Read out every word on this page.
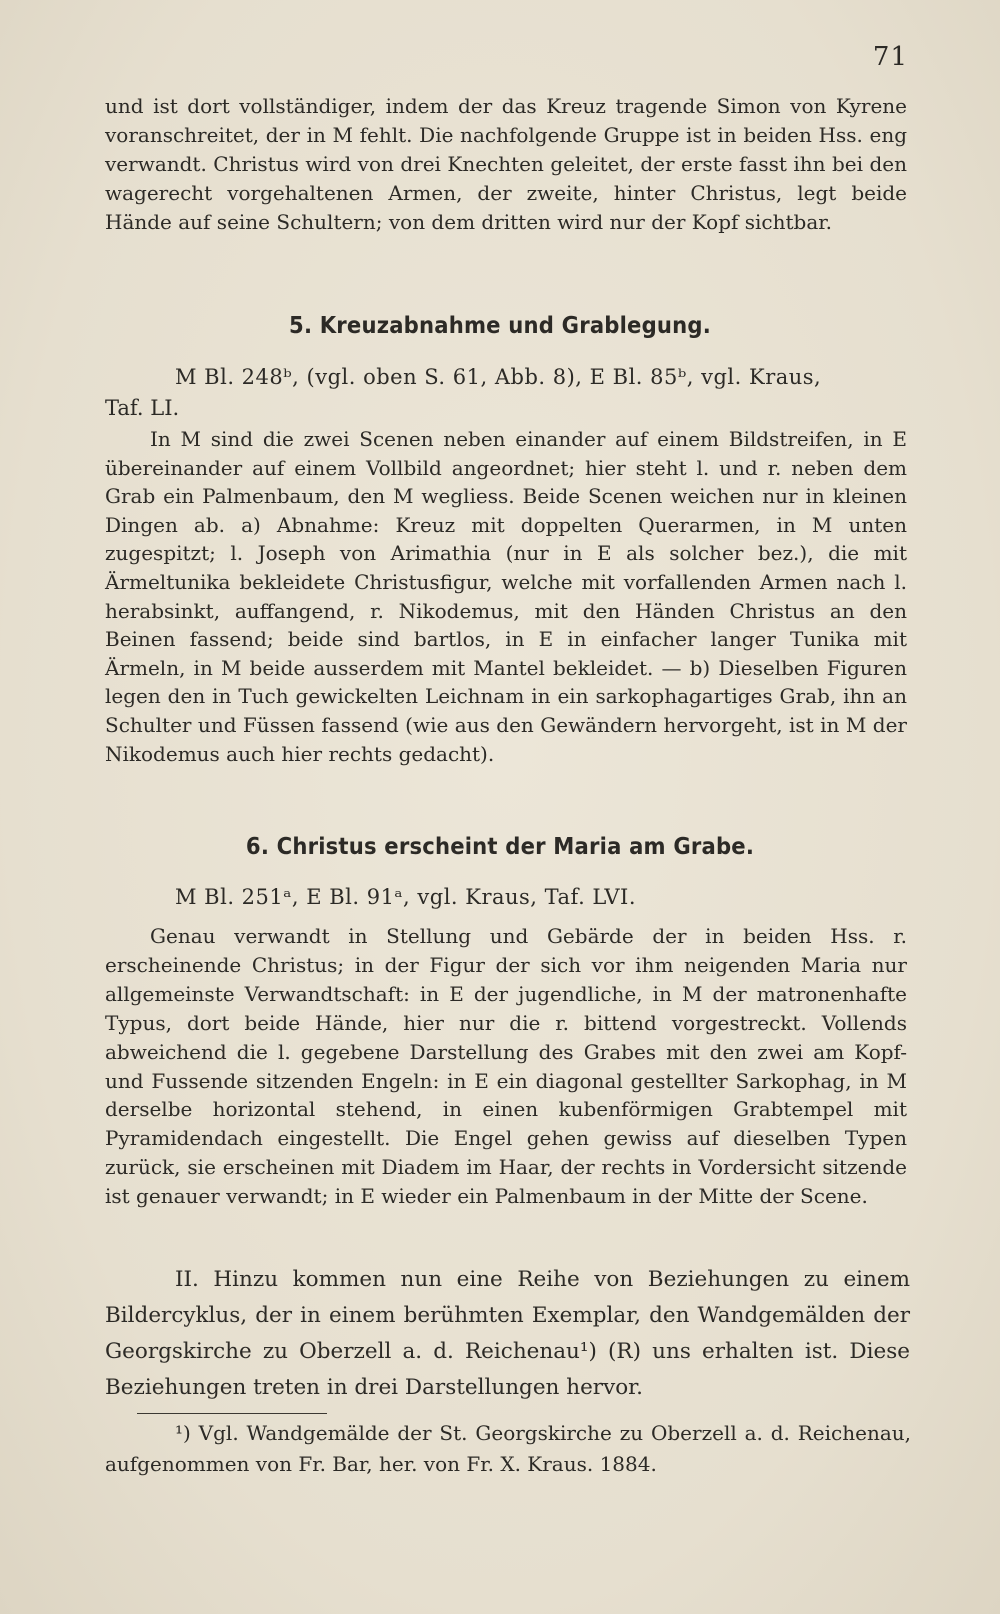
71

und ist dort vollständiger, indem der das Kreuz tragende Simon von Kyrene voranschreitet, der in M fehlt. Die nachfolgende Gruppe ist in beiden Hss. eng verwandt. Christus wird von drei Knechten geleitet, der erste fasst ihn bei den wagerecht vorgehaltenen Armen, der zweite, hinter Christus, legt beide Hände auf seine Schultern; von dem dritten wird nur der Kopf sichtbar.

5. Kreuzabnahme und Grablegung.
M Bl. 248ᵇ, (vgl. oben S. 61, Abb. 8), E Bl. 85ᵇ, vgl. Kraus,
Taf. LI.

In M sind die zwei Scenen neben einander auf einem Bildstreifen, in E übereinander auf einem Vollbild angeordnet; hier steht l. und r. neben dem Grab ein Palmenbaum, den M wegliess. Beide Scenen weichen nur in kleinen Dingen ab. a) Abnahme: Kreuz mit doppelten Querarmen, in M unten zugespitzt; l. Joseph von Arimathia (nur in E als solcher bez.), die mit Ärmeltunika bekleidete Christusfigur, welche mit vorfallenden Armen nach l. herabsinkt, auffangend, r. Nikodemus, mit den Händen Christus an den Beinen fassend; beide sind bartlos, in E in einfacher langer Tunika mit Ärmeln, in M beide ausserdem mit Mantel bekleidet. — b) Dieselben Figuren legen den in Tuch gewickelten Leichnam in ein sarkophagartiges Grab, ihn an Schulter und Füssen fassend (wie aus den Gewändern hervorgeht, ist in M der Nikodemus auch hier rechts gedacht).

6. Christus erscheint der Maria am Grabe.
M Bl. 251ᵃ, E Bl. 91ᵃ, vgl. Kraus, Taf. LVI.

Genau verwandt in Stellung und Gebärde der in beiden Hss. r. erscheinende Christus; in der Figur der sich vor ihm neigenden Maria nur allgemeinste Verwandtschaft: in E der jugendliche, in M der matronenhafte Typus, dort beide Hände, hier nur die r. bittend vorgestreckt. Vollends abweichend die l. gegebene Darstellung des Grabes mit den zwei am Kopf- und Fussende sitzenden Engeln: in E ein diagonal gestellter Sarkophag, in M derselbe horizontal stehend, in einen kubenförmigen Grabtempel mit Pyramidendach eingestellt. Die Engel gehen gewiss auf dieselben Typen zurück, sie erscheinen mit Diadem im Haar, der rechts in Vordersicht sitzende ist genauer verwandt; in E wieder ein Palmenbaum in der Mitte der Scene.

II. Hinzu kommen nun eine Reihe von Beziehungen zu einem Bildercyklus, der in einem berühmten Exemplar, den Wandgemälden der Georgskirche zu Oberzell a. d. Reichenau¹) (R) uns erhalten ist. Diese Beziehungen treten in drei Darstellungen hervor.

¹) Vgl. Wandgemälde der St. Georgskirche zu Oberzell a. d. Reichenau, aufgenommen von Fr. Bar, her. von Fr. X. Kraus. 1884.
